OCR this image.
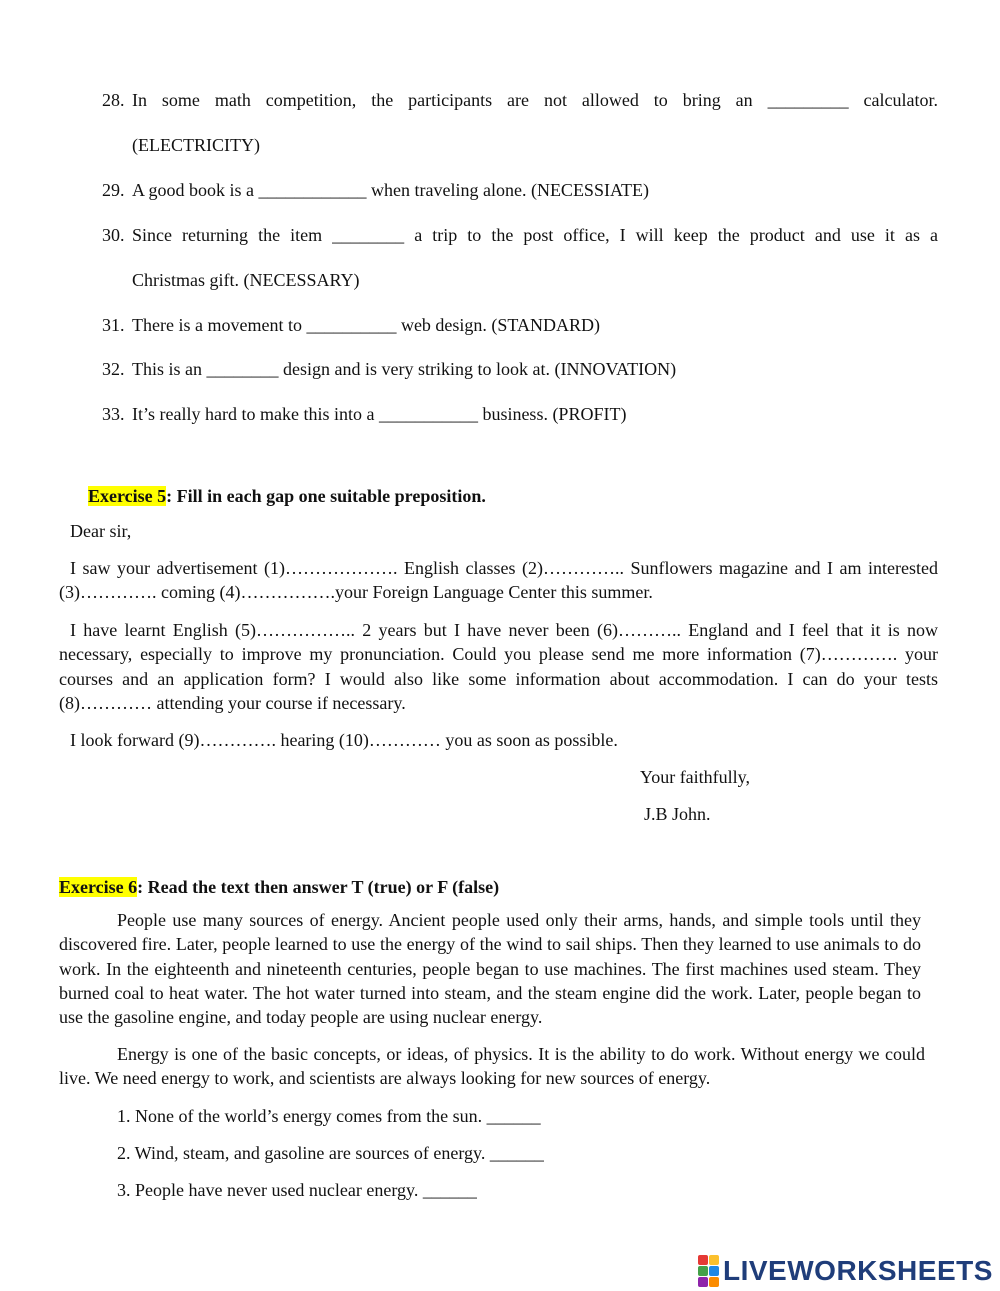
28. In some math competition, the participants are not allowed to bring an _________ calculator.
(ELECTRICITY)
29. A good book is a ____________ when traveling alone. (NECESSIATE)
30. Since returning the item ________ a trip to the post office, I will keep the product and use it as a
Christmas gift. (NECESSARY)
31. There is a movement to __________ web design. (STANDARD)
32. This is an ________ design and is very striking to look at. (INNOVATION)
33. It’s really hard to make this into a ___________ business. (PROFIT)
Exercise 5: Fill in each gap one suitable preposition.
Dear sir,
I saw your advertisement (1)………………. English classes (2)………….. Sunflowers magazine and I am interested (3)…………. coming (4)…………….your Foreign Language Center this summer.
I have learnt English (5)…………….. 2 years but I have never been (6)……….. England and I feel that it is now necessary, especially to improve my pronunciation. Could you please send me more information (7)…………. your courses and an application form? I would also like some information about accommodation. I can do your tests (8)………… attending your course if necessary.
I look forward (9)…………. hearing (10)………… you as soon as possible.
Your faithfully,
J.B John.
Exercise 6: Read the text then answer T (true) or F (false)
People use many sources of energy. Ancient people used only their arms, hands, and simple tools until they discovered fire. Later, people learned to use the energy of the wind to sail ships. Then they learned to use animals to do work. In the eighteenth and nineteenth centuries, people began to use machines. The first machines used steam. They burned coal to heat water. The hot water turned into steam, and the steam engine did the work. Later, people began to use the gasoline engine, and today people are using nuclear energy.
Energy is one of the basic concepts, or ideas, of physics. It is the ability to do work. Without energy we could live. We need energy to work, and scientists are always looking for new sources of energy.
1. None of the world’s energy comes from the sun. ______
2. Wind, steam, and gasoline are sources of energy. ______
3. People have never used nuclear energy. ______
LIVEWORKSHEETS
